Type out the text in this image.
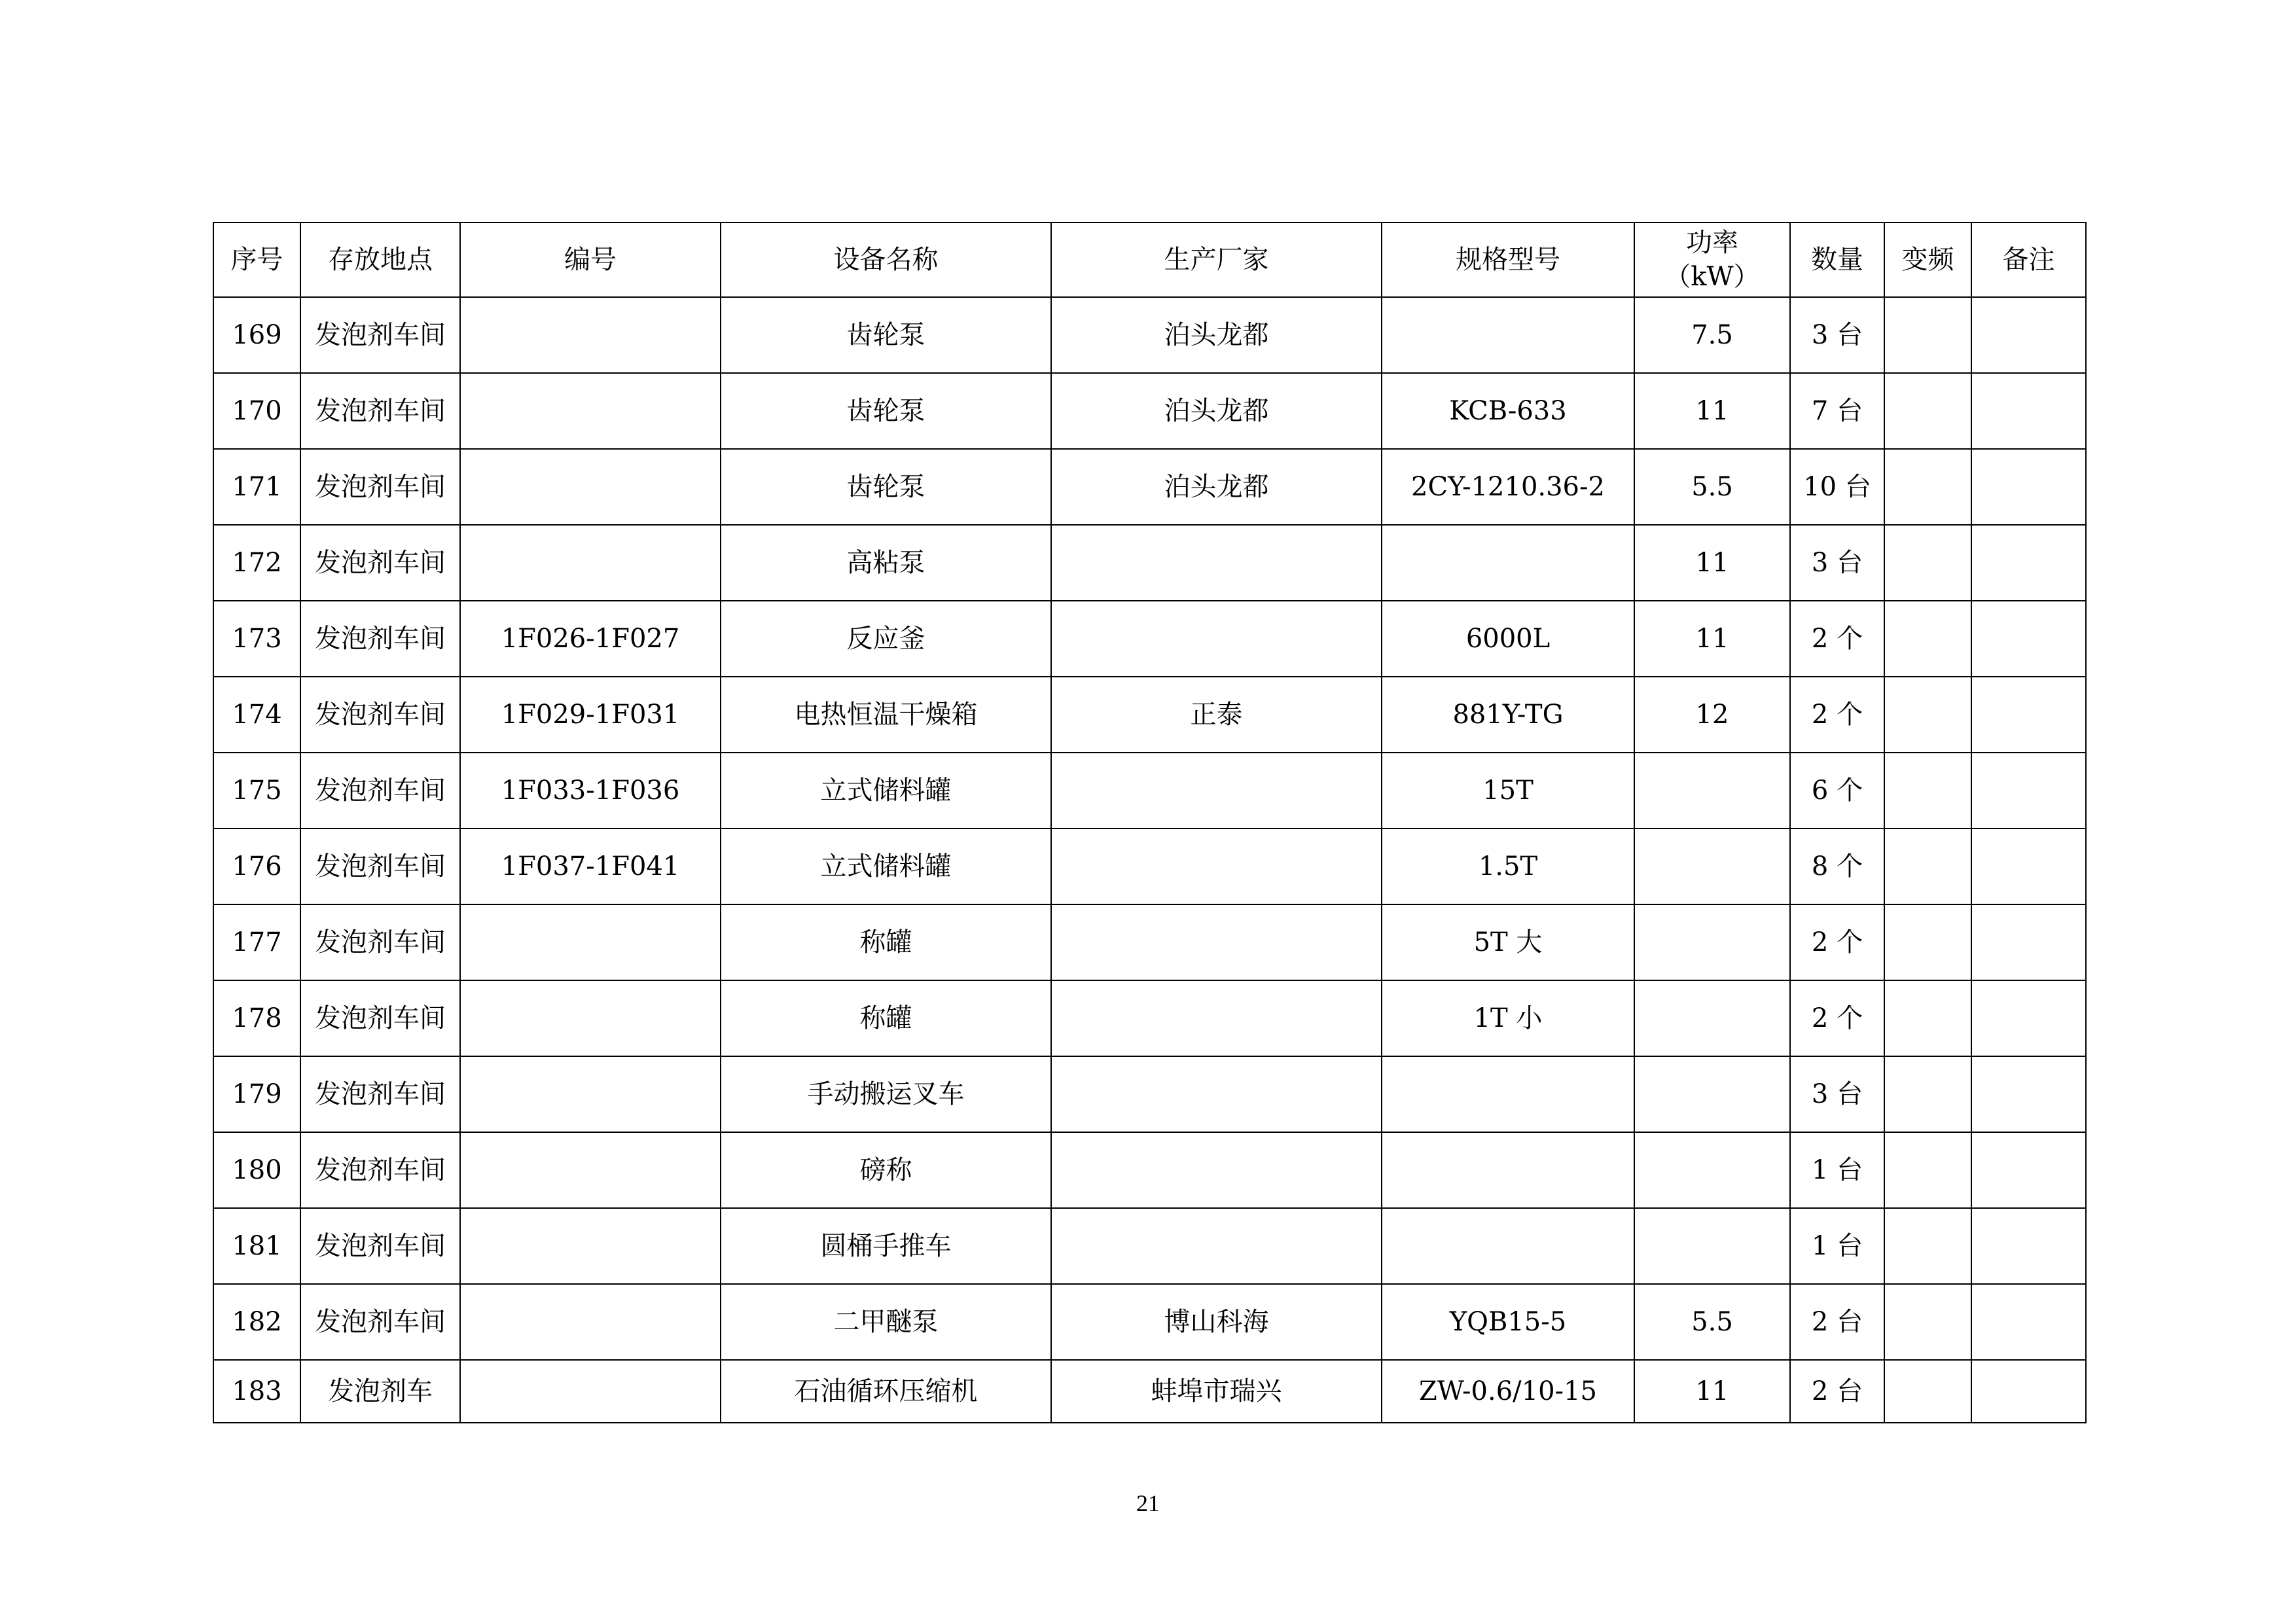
序号	存放地点	编号	设备名称	生产厂家	规格型号	功率
（kW）	数量	变频	备注
169	发泡剂车间		齿轮泵	泊头龙都		7.5	3 台		
170	发泡剂车间		齿轮泵	泊头龙都	KCB-633	11	7 台		
171	发泡剂车间		齿轮泵	泊头龙都	2CY-1210.36-2	5.5	10 台		
172	发泡剂车间		高粘泵			11	3 台		
173	发泡剂车间	1F026-1F027	反应釜		6000L	11	2 个		
174	发泡剂车间	1F029-1F031	电热恒温干燥箱	正泰	881Y-TG	12	2 个		
175	发泡剂车间	1F033-1F036	立式储料罐		15T		6 个		
176	发泡剂车间	1F037-1F041	立式储料罐		1.5T		8 个		
177	发泡剂车间		称罐		5T 大		2 个		
178	发泡剂车间		称罐		1T 小		2 个		
179	发泡剂车间		手动搬运叉车				3 台		
180	发泡剂车间		磅称				1 台		
181	发泡剂车间		圆桶手推车				1 台		
182	发泡剂车间		二甲醚泵	博山科海	YQB15-5	5.5	2 台		
183	发泡剂车		石油循环压缩机	蚌埠市瑞兴	ZW-0.6/10-15	11	2 台		
21
